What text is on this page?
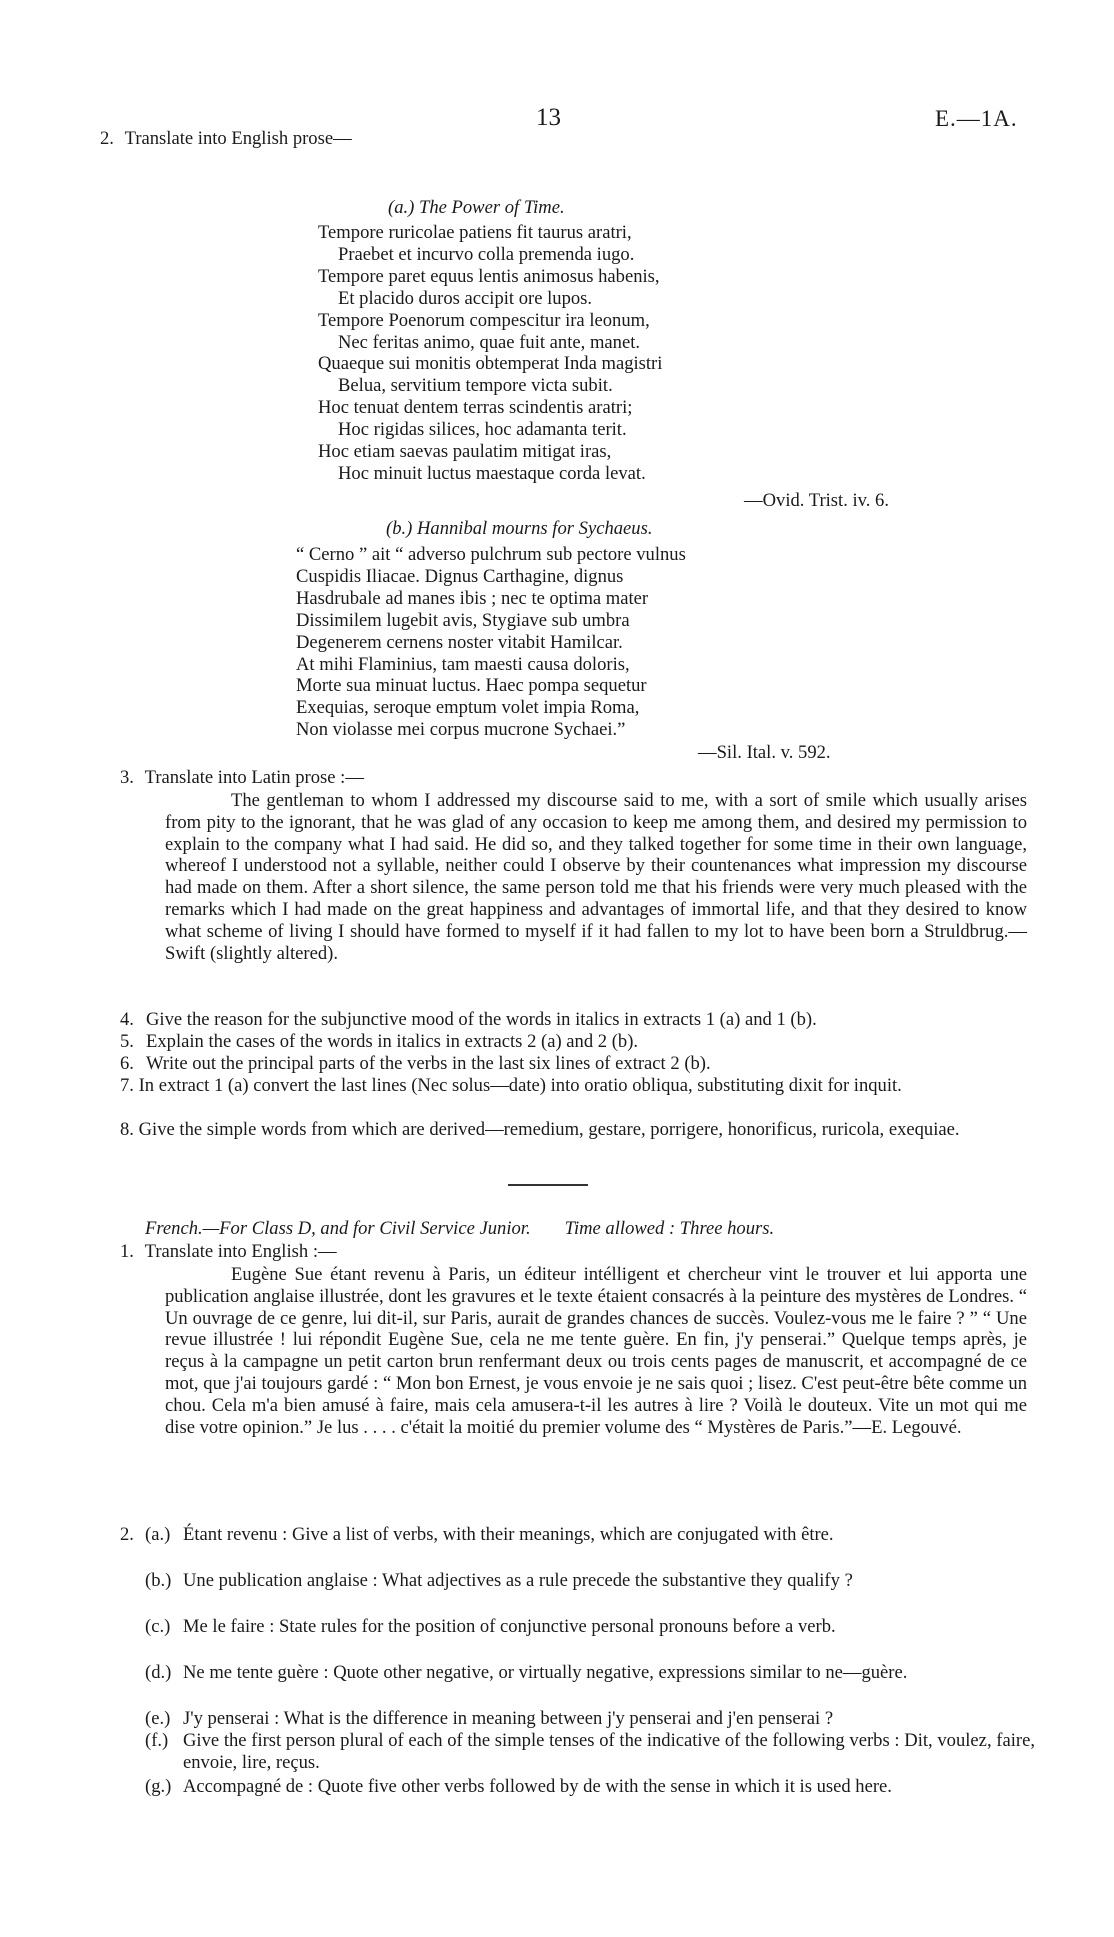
13	E.—1A.
2. Translate into English prose—
(a.) The Power of Time.
Tempore ruricolae patiens fit taurus aratri,
Praebet et incurvo colla premenda iugo.
Tempore paret equus lentis animosus habenis,
Et placido duros accipit ore lupos.
Tempore Poenorum compescitur ira leonum,
Nec feritas animo, quae fuit ante, manet.
Quaeque sui monitis obtemperat Inda magistri
Belua, servitium tempore victa subit.
Hoc tenuat dentem terras scindentis aratri;
Hoc rigidas silices, hoc adamanta terit.
Hoc etiam saevas paulatim mitigat iras,
Hoc minuit luctus maestaque corda levat.
—Ovid. Trist. iv. 6.
(b.) Hannibal mourns for Sychaeus.
“ Cerno ” ait “ adverso pulchrum sub pectore vulnus
Cuspidis Iliacae. Dignus Carthagine, dignus
Hasdrubale ad manes ibis ; nec te optima mater
Dissimilem lugebit avis, Stygiave sub umbra
Degenerem cernens noster vitabit Hamilcar.
At mihi Flaminius, tam maesti causa doloris,
Morte sua minuat luctus. Haec pompa sequetur
Exequias, seroque emptum volet impia Roma,
Non violasse mei corpus mucrone Sychaei.”
—Sil. Ital. v. 592.
3. Translate into Latin prose :—
The gentleman to whom I addressed my discourse said to me, with a sort of smile which usually arises from pity to the ignorant, that he was glad of any occasion to keep me among them, and desired my permission to explain to the company what I had said. He did so, and they talked together for some time in their own language, whereof I understood not a syllable, neither could I observe by their countenances what impression my discourse had made on them. After a short silence, the same person told me that his friends were very much pleased with the remarks which I had made on the great happiness and advantages of immortal life, and that they desired to know what scheme of living I should have formed to myself if it had fallen to my lot to have been born a Struldbrug.—Swift (slightly altered).
4. Give the reason for the subjunctive mood of the words in italics in extracts 1 (a) and 1 (b).
5. Explain the cases of the words in italics in extracts 2 (a) and 2 (b).
6. Write out the principal parts of the verbs in the last six lines of extract 2 (b).
7. In extract 1 (a) convert the last lines (Nec solus—date) into oratio obliqua, substituting dixit for inquit.
8. Give the simple words from which are derived—remedium, gestare, porrigere, honorificus, ruricola, exequiae.
French.—For Class D, and for Civil Service Junior. Time allowed : Three hours.
1. Translate into English :—
Eugène Sue étant revenu à Paris, un éditeur intélligent et chercheur vint le trouver et lui apporta une publication anglaise illustrée, dont les gravures et le texte étaient consacrés à la peinture des mystères de Londres. “ Un ouvrage de ce genre, lui dit-il, sur Paris, aurait de grandes chances de succès. Voulez-vous me le faire ? ” “ Une revue illustrée ! lui répondit Eugène Sue, cela ne me tente guère. En fin, j'y penserai.” Quelque temps après, je reçus à la campagne un petit carton brun renfermant deux ou trois cents pages de manuscrit, et accompagné de ce mot, que j'ai toujours gardé : “ Mon bon Ernest, je vous envoie je ne sais quoi ; lisez. C'est peut-être bête comme un chou. Cela m'a bien amusé à faire, mais cela amusera-t-il les autres à lire ? Voilà le douteux. Vite un mot qui me dise votre opinion.” Je lus . . . . c'était la moitié du premier volume des “ Mystères de Paris.”—E. Legouvé.
2. (a.) Étant revenu : Give a list of verbs, with their meanings, which are conjugated with être.
(b.) Une publication anglaise : What adjectives as a rule precede the substantive they qualify ?
(c.) Me le faire : State rules for the position of conjunctive personal pronouns before a verb.
(d.) Ne me tente guère : Quote other negative, or virtually negative, expressions similar to ne—guère.
(e.) J'y penserai : What is the difference in meaning between j'y penserai and j'en penserai ?
(f.) Give the first person plural of each of the simple tenses of the indicative of the following verbs : Dit, voulez, faire, envoie, lire, reçus.
(g.) Accompagné de : Quote five other verbs followed by de with the sense in which it is used here.
